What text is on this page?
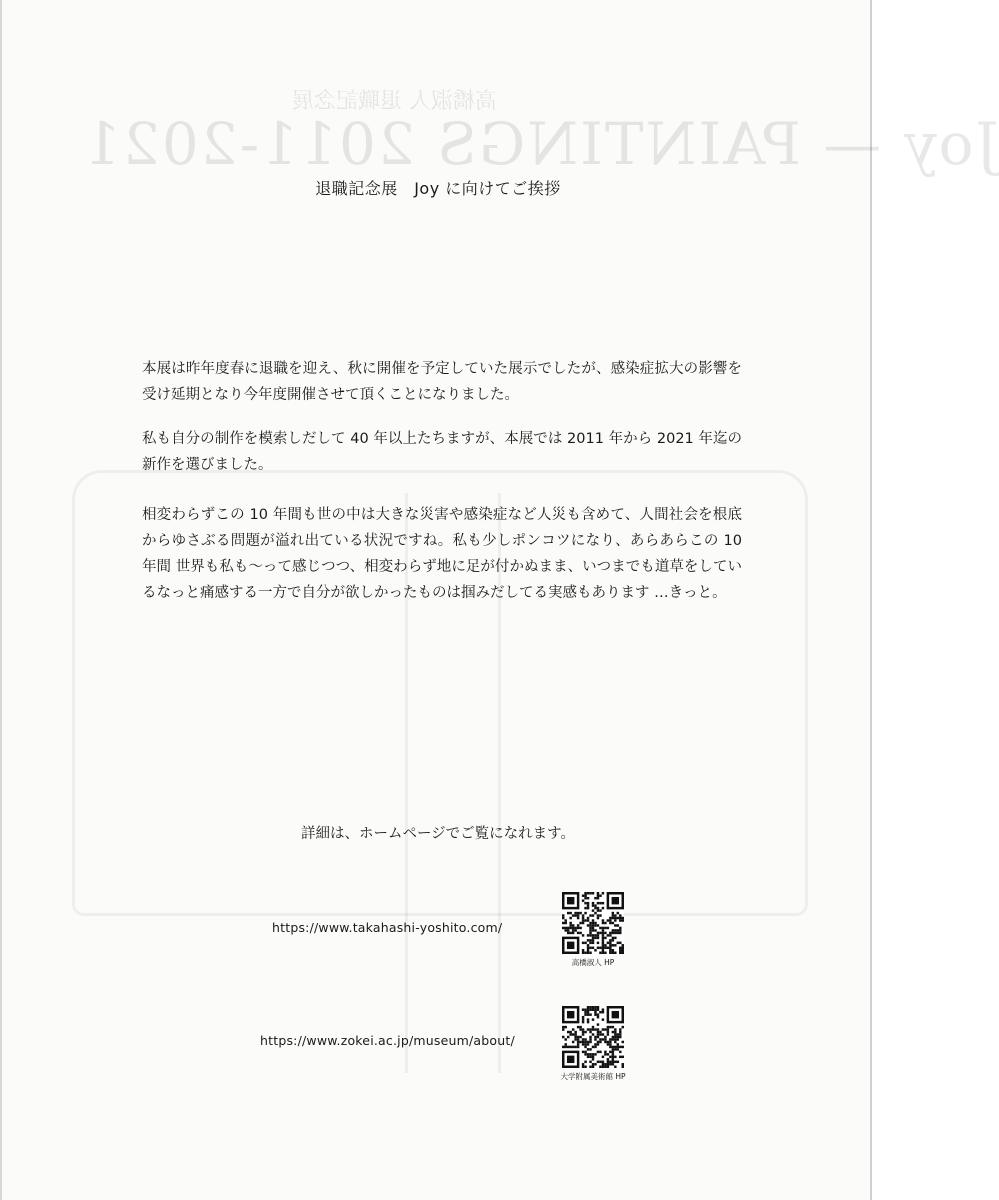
高橋淑人 退職記念展
Joy — PAINTINGS 2011-2021
退職記念展　Joy に向けてご挨拶

本展は昨年度春に退職を迎え、秋に開催を予定していた展示でしたが、感染症拡大の影響を受け延期となり今年度開催させて頂くことになりました。

私も自分の制作を模索しだして 40 年以上たちますが、本展では 2011 年から 2021 年迄の新作を選びました。

相変わらずこの 10 年間も世の中は大きな災害や感染症など人災も含めて、人間社会を根底からゆさぶる問題が溢れ出ている状況ですね。私も少しポンコツになり、あらあらこの 10 年間 世界も私も～って感じつつ、相変わらず地に足が付かぬまま、いつまでも道草をしているなっと痛感する一方で自分が欲しかったものは掴みだしてる実感もあります …きっと。

詳細は、ホームページでご覧になれます。
https://www.takahashi-yoshito.com/
高橋淑人 HP
https://www.zokei.ac.jp/museum/about/
大学附属美術館 HP
